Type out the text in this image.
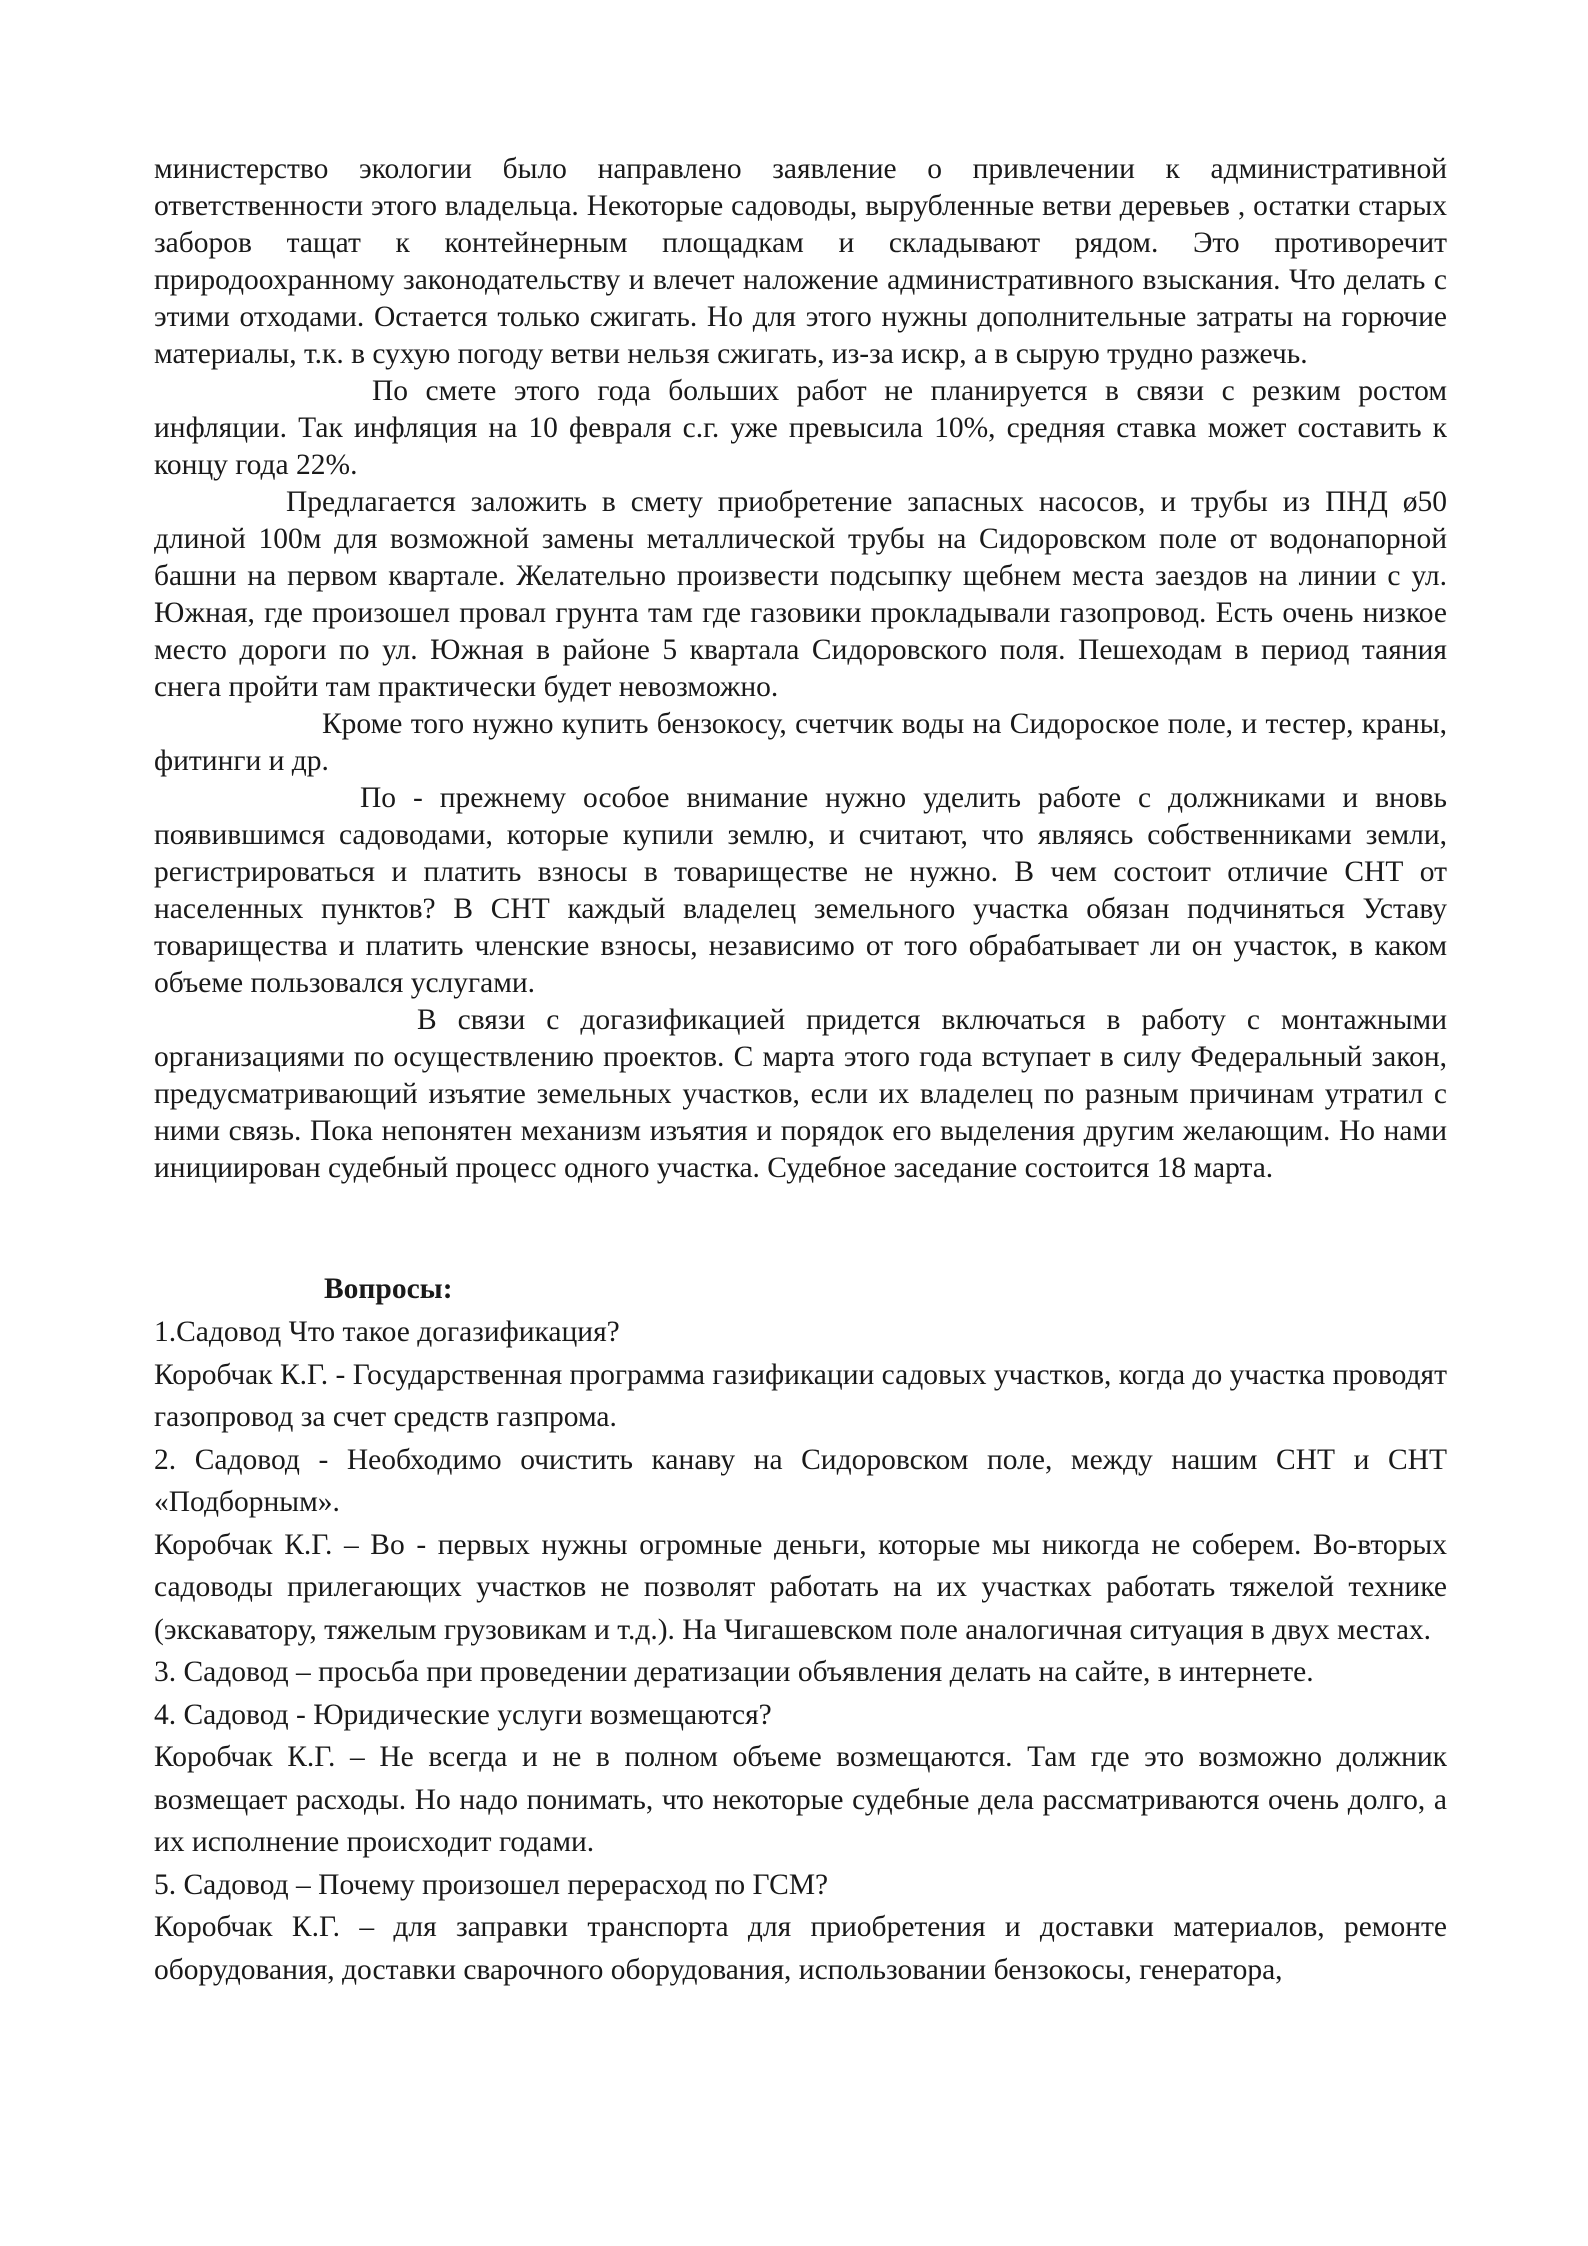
министерство экологии было направлено заявление о привлечении к административной ответственности этого владельца. Некоторые садоводы, вырубленные ветви деревьев , остатки старых заборов тащат к контейнерным площадкам и складывают рядом. Это противоречит природоохранному законодательству и влечет наложение административного взыскания. Что делать с этими отходами. Остается только сжигать. Но для этого нужны дополнительные затраты на горючие материалы, т.к. в сухую погоду ветви нельзя сжигать, из-за искр, а в сырую трудно разжечь.

По смете этого года больших работ не планируется в связи с резким ростом инфляции. Так инфляция на 10 февраля с.г. уже превысила 10%, средняя ставка может составить к концу года 22%.

Предлагается заложить в смету приобретение запасных насосов, и трубы из ПНД ø50 длиной 100м для возможной замены металлической трубы на Сидоровском поле от водонапорной башни на первом квартале. Желательно произвести подсыпку щебнем места заездов на линии с ул. Южная, где произошел провал грунта там где газовики прокладывали газопровод. Есть очень низкое место дороги по ул. Южная в районе 5 квартала Сидоровского поля. Пешеходам в период таяния снега пройти там практически будет невозможно.

Кроме того нужно купить бензокосу, счетчик воды на Сидороское поле, и тестер, краны, фитинги и др.

По - прежнему особое внимание нужно уделить работе с должниками и вновь появившимся садоводами, которые купили землю, и считают, что являясь собственниками земли, регистрироваться и платить взносы в товариществе не нужно. В чем состоит отличие СНТ от населенных пунктов? В СНТ каждый владелец земельного участка обязан подчиняться Уставу товарищества и платить членские взносы, независимо от того обрабатывает ли он участок, в каком объеме пользовался услугами.

В связи с догазификацией придется включаться в работу с монтажными организациями по осуществлению проектов. С марта этого года вступает в силу Федеральный закон, предусматривающий изъятие земельных участков, если их владелец по разным причинам утратил с ними связь. Пока непонятен механизм изъятия и порядок его выделения другим желающим. Но нами инициирован судебный процесс одного участка. Судебное заседание состоится 18 марта.

Вопросы:

1.Садовод Что такое догазификация?

Коробчак К.Г. - Государственная программа газификации садовых участков, когда до участка проводят газопровод за счет средств газпрома.

2. Садовод - Необходимо очистить канаву на Сидоровском поле, между нашим СНТ и СНТ «Подборным».

Коробчак К.Г. – Во - первых нужны огромные деньги, которые мы никогда не соберем. Во-вторых садоводы прилегающих участков не позволят работать на их участках работать тяжелой технике (экскаватору, тяжелым грузовикам и т.д.). На Чигашевском поле аналогичная ситуация в двух местах.

3. Садовод – просьба при проведении дератизации объявления делать на сайте, в интернете.

4. Садовод - Юридические услуги возмещаются?

Коробчак К.Г. – Не всегда и не в полном объеме возмещаются. Там где это возможно должник возмещает расходы. Но надо понимать, что некоторые судебные дела рассматриваются очень долго, а их исполнение происходит годами.

5. Садовод – Почему произошел перерасход по ГСМ?

Коробчак К.Г. – для заправки транспорта для приобретения и доставки материалов, ремонте оборудования, доставки сварочного оборудования, использовании бензокосы, генератора,
